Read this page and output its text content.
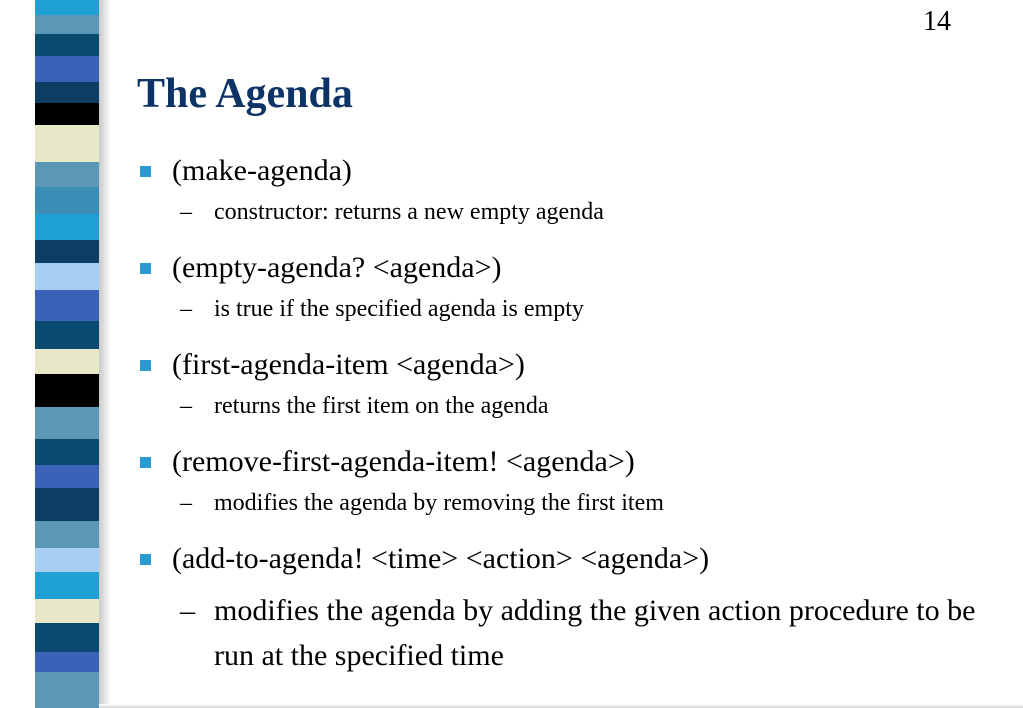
14
The Agenda
(make-agenda)
– constructor: returns a new empty agenda
(empty-agenda? <agenda>)
– is true if the specified agenda is empty
(first-agenda-item <agenda>)
– returns the first item on the agenda
(remove-first-agenda-item! <agenda>)
– modifies the agenda by removing the first item
(add-to-agenda! <time> <action> <agenda>)
– modifies the agenda by adding the given action procedure to be run at the specified time
